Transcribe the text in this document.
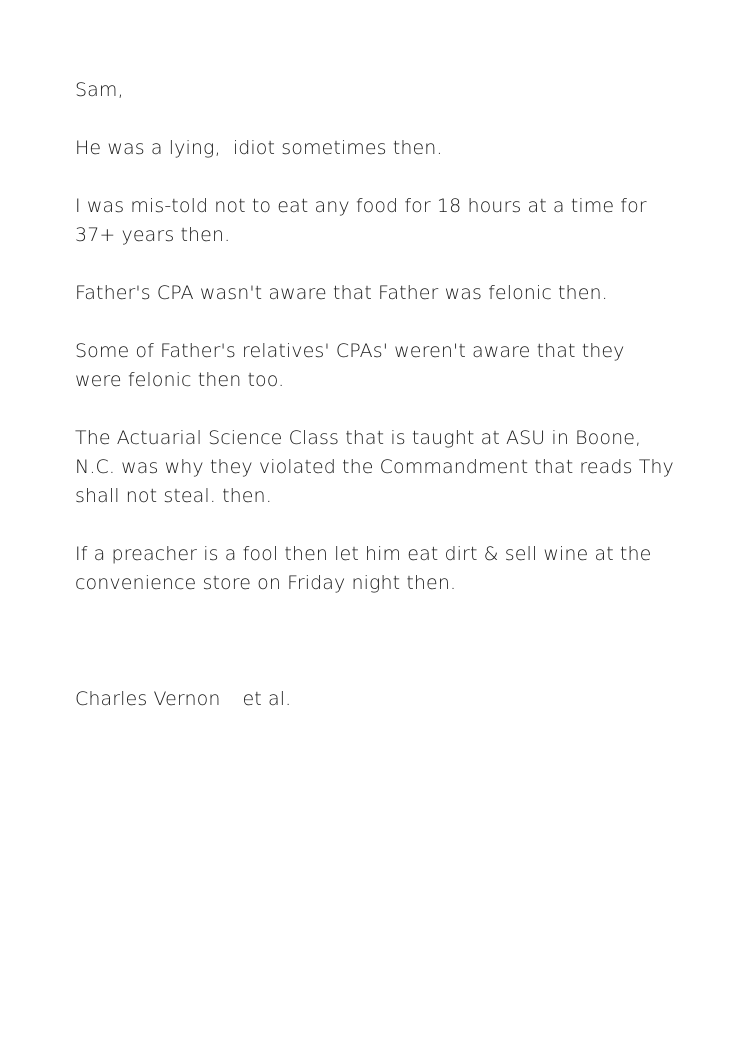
Sam,

He was a lying,  idiot sometimes then.

I was mis-told not to eat any food for 18 hours at a time for 37+ years then.

Father's CPA wasn't aware that Father was felonic then.

Some of Father's relatives' CPAs' weren't aware that they were felonic then too.

The Actuarial Science Class that is taught at ASU in Boone, N.C. was why they violated the Commandment that reads Thy shall not steal. then.

If a preacher is a fool then let him eat dirt & sell wine at the convenience store on Friday night then.

Charles Vernon et al.
